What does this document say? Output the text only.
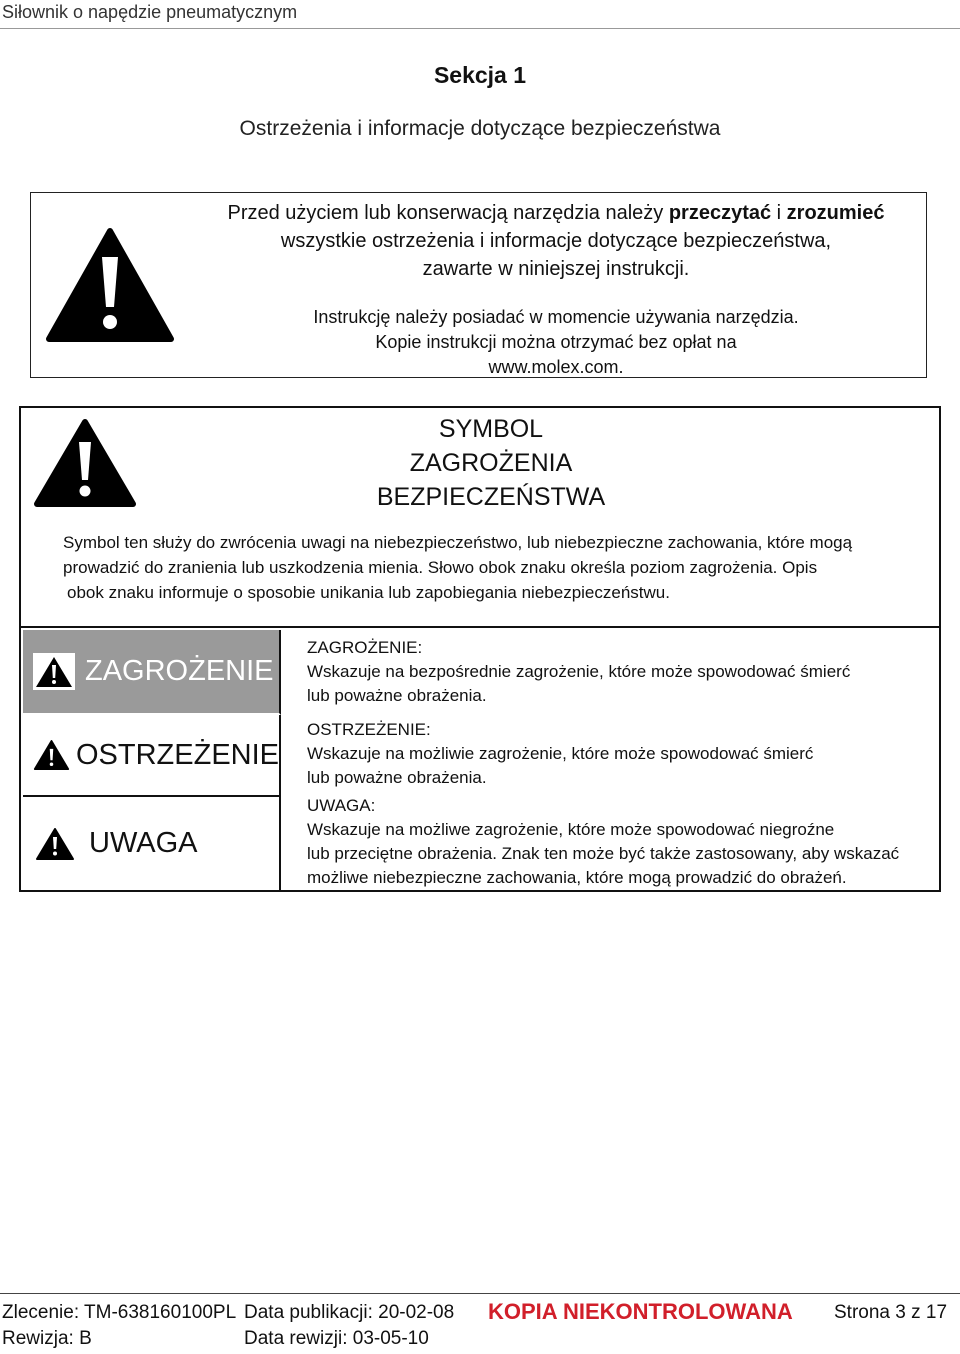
Siłownik o napędzie pneumatycznym
Sekcja 1
Ostrzeżenia i informacje dotyczące bezpieczeństwa
Przed użyciem lub konserwacją narzędzia należy przeczytać i zrozumieć
wszystkie ostrzeżenia i informacje dotyczące bezpieczeństwa,
zawarte w niniejszej instrukcji.
Instrukcję należy posiadać w momencie używania narzędzia.
Kopie instrukcji można otrzymać bez opłat na
www.molex.com.
SYMBOL
ZAGROŻENIA
BEZPIECZEŃSTWA
Symbol ten służy do zwrócenia uwagi na niebezpieczeństwo, lub niebezpieczne zachowania, które mogą
prowadzić do zranienia lub uszkodzenia mienia. Słowo obok znaku określa poziom zagrożenia. Opis
obok znaku informuje o sposobie unikania lub zapobiegania niebezpieczeństwu.
ZAGROŻENIE
OSTRZEŻENIE
UWAGA
ZAGROŻENIE:
Wskazuje na bezpośrednie zagrożenie, które może spowodować śmierć
lub poważne obrażenia.
OSTRZEŻENIE:
Wskazuje na możliwie zagrożenie, które może spowodować śmierć
lub poważne obrażenia.
UWAGA:
Wskazuje na możliwe zagrożenie, które może spowodować niegroźne
lub przeciętne obrażenia. Znak ten może być także zastosowany, aby wskazać
możliwe niebezpieczne zachowania, które mogą prowadzić do obrażeń.
Zlecenie: TM-638160100PL Data publikacji: 20-02-08 KOPIA NIEKONTROLOWANA Strona 3 z 17
Rewizja: B	Data rewizji: 03-05-10
